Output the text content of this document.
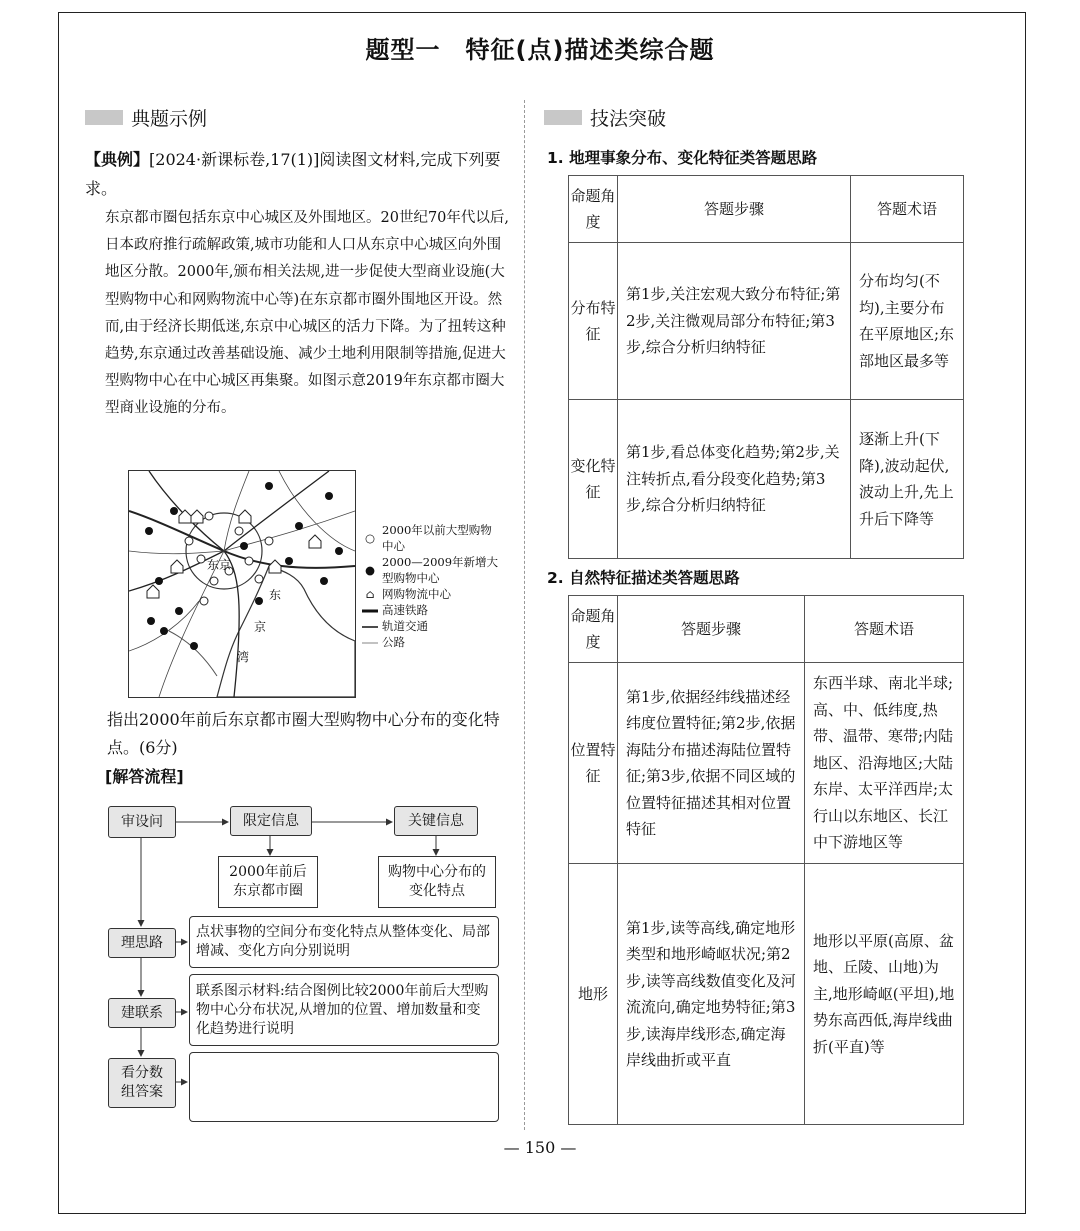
题型一　特征(点)描述类综合题
典题示例
【典例】[2024·新课标卷,17(1)]阅读图文材料,完成下列要求。
东京都市圈包括东京中心城区及外围地区。20世纪70年代以后,日本政府推行疏解政策,城市功能和人口从东京中心城区向外围地区分散。2000年,颁布相关法规,进一步促使大型商业设施(大型购物中心和网购物流中心等)在东京都市圈外围地区开设。然而,由于经济长期低迷,东京中心城区的活力下降。为了扭转这种趋势,东京通过改善基础设施、减少土地利用限制等措施,促进大型购物中心在中心城区再集聚。如图示意2019年东京都市圈大型商业设施的分布。
东京
东
京
湾
○
2000年以前大型购物中心
●
2000—2009年新增大型购物中心
⌂ 网购物流中心
高速铁路
轨道交通
公路
指出2000年前后东京都市圈大型购物中心分布的变化特点。(6分)
[解答流程]
审设问	限定信息	关键信息
2000年前后东京都市圈
购物中心分布的变化特点
理思路
点状事物的空间分布变化特点从整体变化、局部增减、变化方向分别说明
建联系
联系图示材料:结合图例比较2000年前后大型购物中心分布状况,从增加的位置、增加数量和变化趋势进行说明
看分数组答案
技法突破
1. 地理事象分布、变化特征类答题思路
命题角度	答题步骤	答题术语
分布特征	第1步,关注宏观大致分布特征;第2步,关注微观局部分布特征;第3步,综合分析归纳特征	分布均匀(不均),主要分布在平原地区;东部地区最多等
变化特征	第1步,看总体变化趋势;第2步,关注转折点,看分段变化趋势;第3步,综合分析归纳特征	逐渐上升(下降),波动起伏,波动上升,先上升后下降等
2. 自然特征描述类答题思路
命题角度	答题步骤	答题术语
位置特征	第1步,依据经纬线描述经纬度位置特征;第2步,依据海陆分布描述海陆位置特征;第3步,依据不同区域的位置特征描述其相对位置特征	东西半球、南北半球;高、中、低纬度,热带、温带、寒带;内陆地区、沿海地区;大陆东岸、太平洋西岸;太行山以东地区、长江中下游地区等
地形	第1步,读等高线,确定地形类型和地形崎岖状况;第2步,读等高线数值变化及河流流向,确定地势特征;第3步,读海岸线形态,确定海岸线曲折或平直	地形以平原(高原、盆地、丘陵、山地)为主,地形崎岖(平坦),地势东高西低,海岸线曲折(平直)等
— 150 —
